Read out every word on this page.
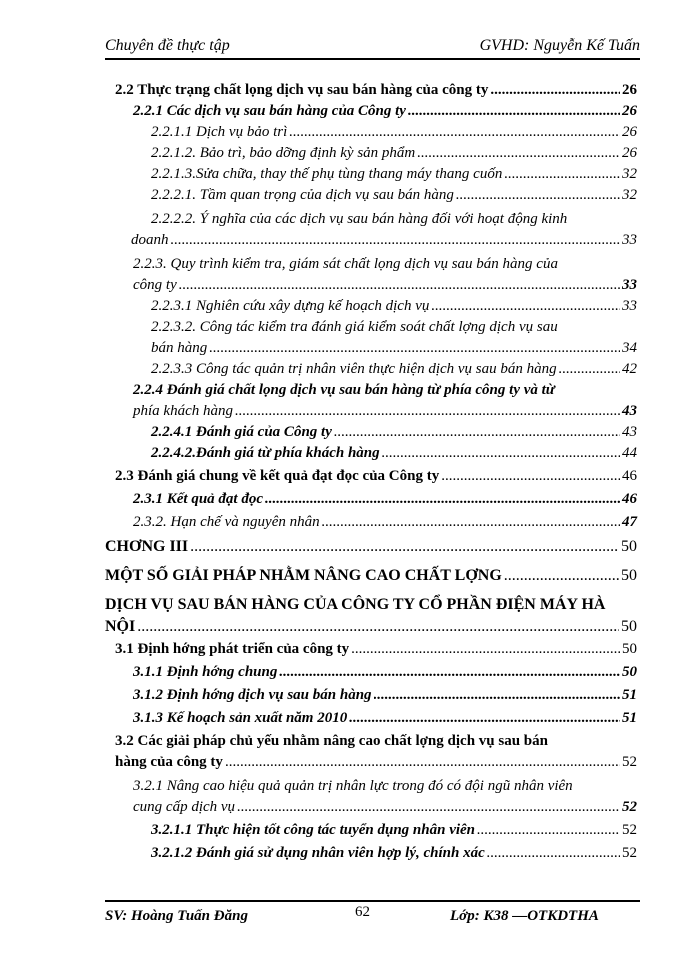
Chuyên đề thực tập	GVHD: Nguyễn Kế Tuấn
2.2 Thực trạng chất lọng dịch vụ sau bán hàng của công ty .....	26
2.2.1 Các dịch vụ sau bán hàng của Công ty .....	26
2.2.1.1 Dịch vụ bảo trì .....	26
2.2.1.2. Bảo trì, bảo dỡng định kỳ sản phẩm .....	26
2.2.1.3.Sửa chữa, thay thế phụ tùng thang máy thang cuốn .....	32
2.2.2.1. Tầm quan trọng của dịch vụ sau bán hàng .....	32
2.2.2.2. Ý nghĩa của các dịch vụ sau bán hàng đối với hoạt động kinh
doanh .....	33
2.2.3. Quy trình kiểm tra, giám sát chất lọng dịch vụ sau bán hàng của
công ty .....	33
2.2.3.1 Nghiên cứu xây dựng kế hoạch dịch vụ .....	33
2.2.3.2. Công tác kiểm tra đánh giá kiểm soát chất lợng dịch vụ sau
bán hàng .....	34
2.2.3.3 Công tác quản trị nhân viên thực hiện dịch vụ sau bán hàng .....	42
2.2.4 Đánh giá chất lọng dịch vụ sau bán hàng từ phía công ty và từ
phía khách hàng .....	43
2.2.4.1 Đánh giá của Công ty .....	43
2.2.4.2.Đánh giá từ phía khách hàng .....	44
2.3 Đánh giá chung về kết quả đạt đọc của Công ty .....	46
2.3.1 Kết quả đạt đọc .....	46
2.3.2. Hạn chế và nguyên nhân .....	47
CHƠNG III .....	50
MỘT SỐ GIẢI PHÁP NHẰM NÂNG CAO CHẤT LỢNG .....	50
DỊCH VỤ SAU BÁN HÀNG CỦA CÔNG TY CỔ PHẦN ĐIỆN MÁY HÀ
NỘI .....	50
3.1 Định hớng phát triển của công ty .....	50
3.1.1 Định hớng chung .....	50
3.1.2 Định hớng dịch vụ sau bán hàng .....	51
3.1.3 Kế hoạch sản xuất năm 2010 .....	51
3.2 Các giải pháp chủ yếu nhằm nâng cao chất lợng dịch vụ sau bán
hàng của công ty .....	52
3.2.1 Nâng cao hiệu quả quản trị nhân lực trong đó có đội ngũ nhân viên
cung cấp dịch vụ .....	52
3.2.1.1 Thực hiện tốt công tác tuyển dụng nhân viên .....	52
3.2.1.2 Đánh giá sử dụng nhân viên hợp lý, chính xác .....	52
SV: Hoàng Tuấn Đăng	62	Lớp: K38 —OTKDTHA
